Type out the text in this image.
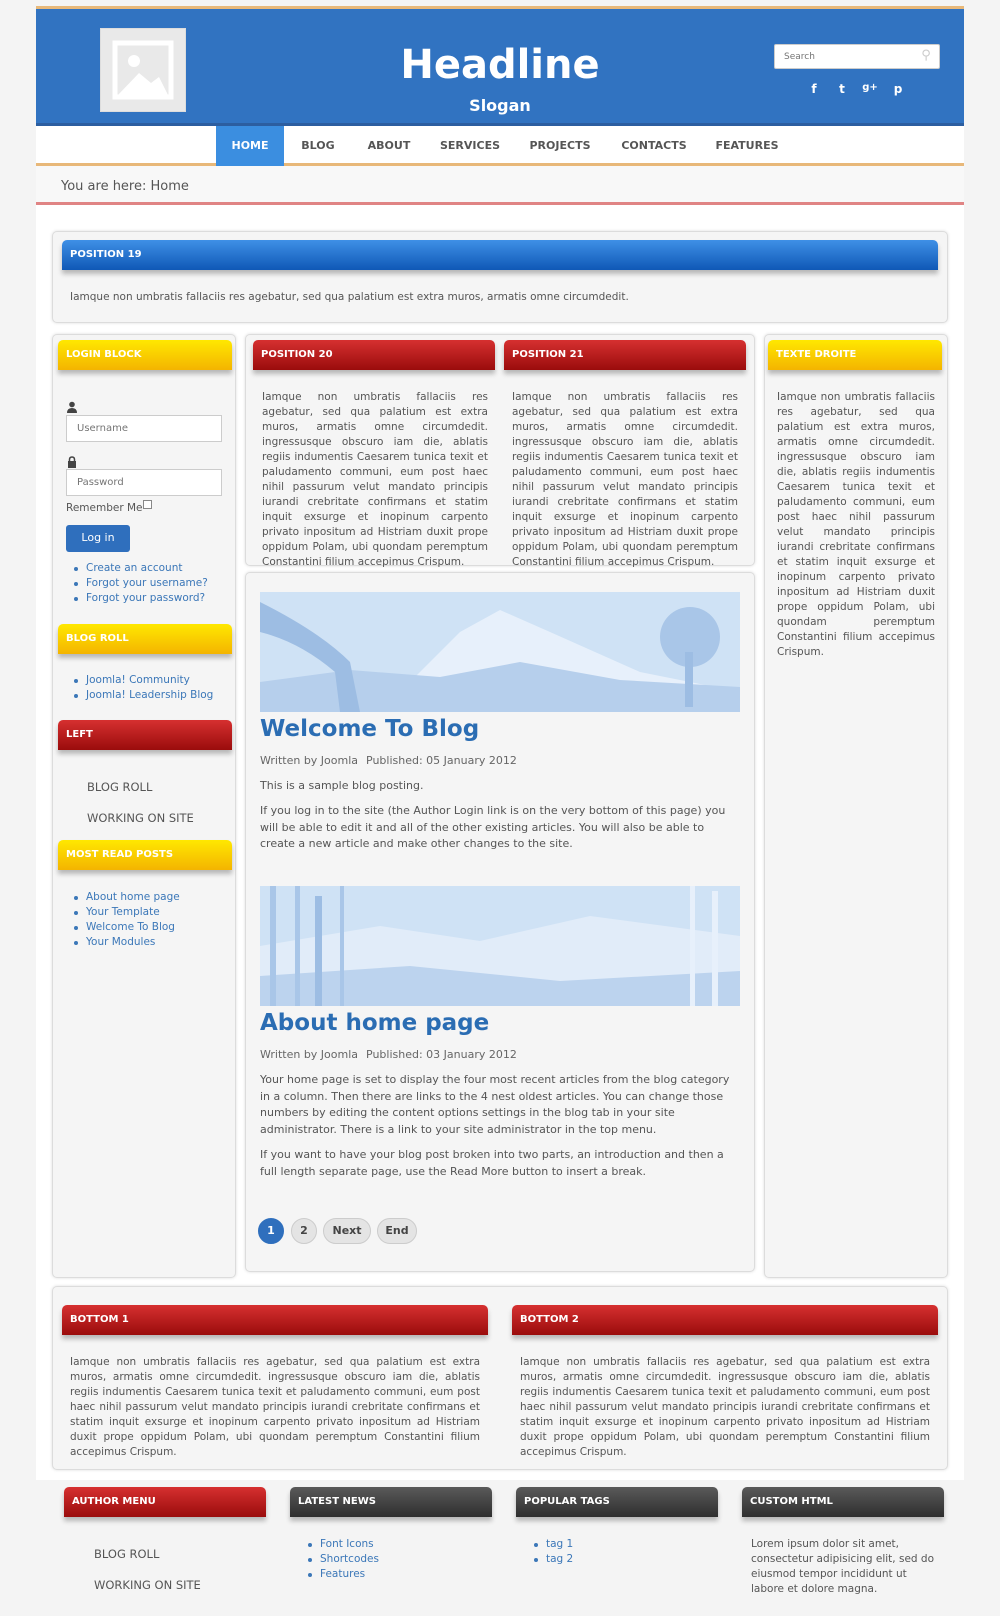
Headline
Slogan
Search
⚲
f	t	g+	p
HOME	BLOG	ABOUT	SERVICES	PROJECTS	CONTACTS	FEATURES
You are here: Home
POSITION 19
Iamque non umbratis fallaciis res agebatur, sed qua palatium est extra muros, armatis omne circumdedit.
LOGIN BLOCK
Username
Remember Me
Log in
Create an account
Forgot your username?
Forgot your password?
BLOG ROLL
Joomla! Community
Joomla! Leadership Blog
LEFT
BLOG ROLL
WORKING ON SITE
MOST READ POSTS
About home page
Your Template
Welcome To Blog
Your Modules
POSITION 20
Iamque non umbratis fallaciis res agebatur, sed qua palatium est extra muros, armatis omne circumdedit. ingressusque obscuro iam die, ablatis regiis indumentis Caesarem tunica texit et paludamento communi, eum post haec nihil passurum velut mandato principis iurandi crebritate confirmans et statim inquit exsurge et inopinum carpento privato inpositum ad Histriam duxit prope oppidum Polam, ubi quondam peremptum Constantini filium accepimus Crispum.
POSITION 21
Iamque non umbratis fallaciis res agebatur, sed qua palatium est extra muros, armatis omne circumdedit. ingressusque obscuro iam die, ablatis regiis indumentis Caesarem tunica texit et paludamento communi, eum post haec nihil passurum velut mandato principis iurandi crebritate confirmans et statim inquit exsurge et inopinum carpento privato inpositum ad Histriam duxit prope oppidum Polam, ubi quondam peremptum Constantini filium accepimus Crispum.
TEXTE DROITE
Iamque non umbratis fallaciis res agebatur, sed qua palatium est extra muros, armatis omne circumdedit. ingressusque obscuro iam die, ablatis regiis indumentis Caesarem tunica texit et paludamento communi, eum post haec nihil passurum velut mandato principis iurandi crebritate confirmans et statim inquit exsurge et inopinum carpento privato inpositum ad Histriam duxit prope oppidum Polam, ubi quondam peremptum Constantini filium accepimus Crispum.
Welcome To Blog
Written by Joomla Published: 05 January 2012
This is a sample blog posting.
If you log in to the site (the Author Login link is on the very bottom of this page) you will be able to edit it and all of the other existing articles. You will also be able to create a new article and make other changes to the site.
About home page
Written by Joomla Published: 03 January 2012
Your home page is set to display the four most recent articles from the blog category in a column. Then there are links to the 4 nest oldest articles. You can change those numbers by editing the content options settings in the blog tab in your site administrator. There is a link to your site administrator in the top menu.
If you want to have your blog post broken into two parts, an introduction and then a full length separate page, use the Read More button to insert a break.
1	2	Next	End
BOTTOM 1
Iamque non umbratis fallaciis res agebatur, sed qua palatium est extra muros, armatis omne circumdedit. ingressusque obscuro iam die, ablatis regiis indumentis Caesarem tunica texit et paludamento communi, eum post haec nihil passurum velut mandato principis iurandi crebritate confirmans et statim inquit exsurge et inopinum carpento privato inpositum ad Histriam duxit prope oppidum Polam, ubi quondam peremptum Constantini filium accepimus Crispum.
BOTTOM 2
Iamque non umbratis fallaciis res agebatur, sed qua palatium est extra muros, armatis omne circumdedit. ingressusque obscuro iam die, ablatis regiis indumentis Caesarem tunica texit et paludamento communi, eum post haec nihil passurum velut mandato principis iurandi crebritate confirmans et statim inquit exsurge et inopinum carpento privato inpositum ad Histriam duxit prope oppidum Polam, ubi quondam peremptum Constantini filium accepimus Crispum.
AUTHOR MENU
BLOG ROLL
WORKING ON SITE
LATEST NEWS
Font Icons
Shortcodes
Features
POPULAR TAGS
tag 1
tag 2
CUSTOM HTML
Lorem ipsum dolor sit amet, consectetur adipisicing elit, sed do eiusmod tempor incididunt ut labore et dolore magna.
